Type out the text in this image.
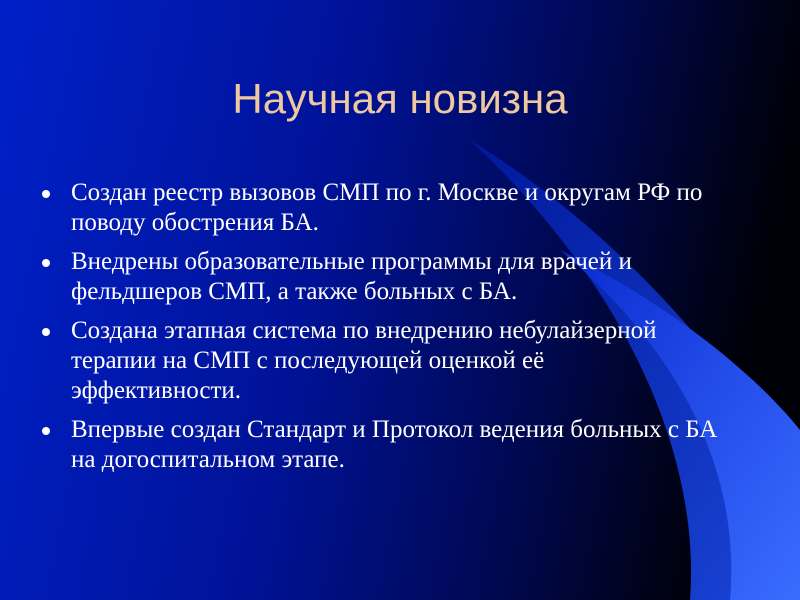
Научная новизна
Создан реестр вызовов СМП по г. Москве и округам РФ по поводу обострения БА.
Внедрены образовательные программы для врачей и фельдшеров СМП, а также больных с БА.
Создана этапная система по внедрению небулайзерной терапии на СМП с последующей оценкой её эффективности.
Впервые создан Стандарт и Протокол ведения больных с БА на догоспитальном этапе.
